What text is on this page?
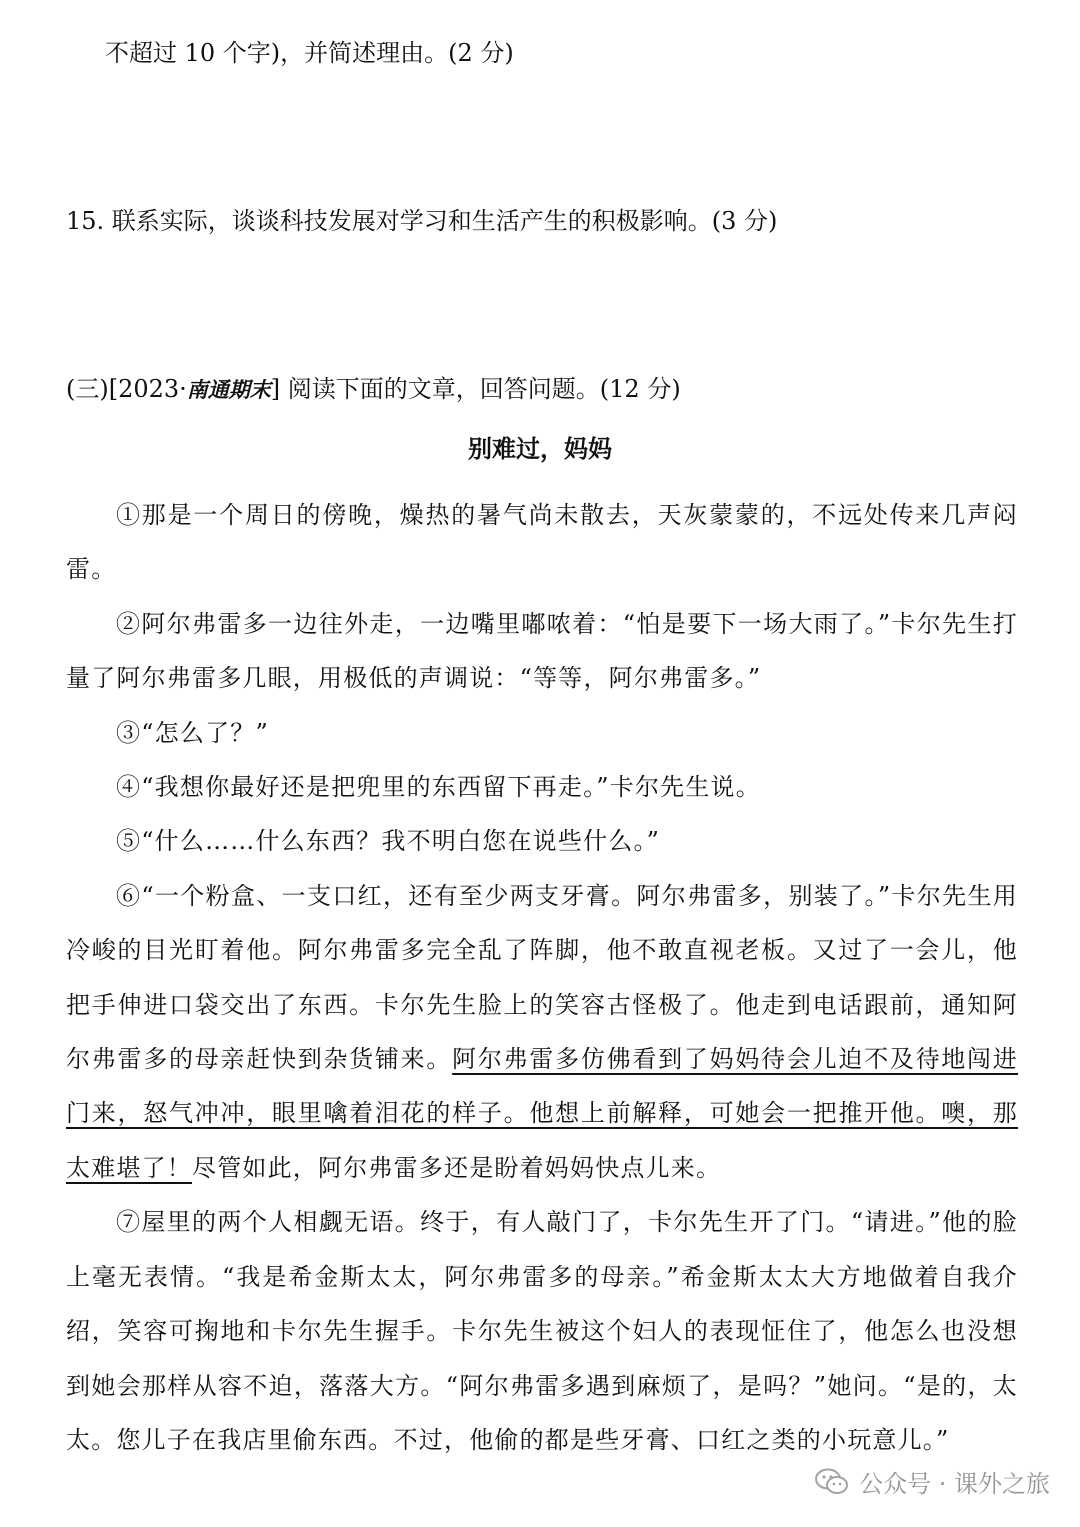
不超过 10 个字)，并简述理由。(2 分)
15. 联系实际，谈谈科技发展对学习和生活产生的积极影响。(3 分)
(三)[2023·南通期末] 阅读下面的文章，回答问题。(12 分)
别难过，妈妈

①那是一个周日的傍晚，燥热的暑气尚未散去，天灰蒙蒙的，不远处传来几声闷雷。

②阿尔弗雷多一边往外走，一边嘴里嘟哝着：“怕是要下一场大雨了。”卡尔先生打量了阿尔弗雷多几眼，用极低的声调说：“等等，阿尔弗雷多。”

③“怎么了？”

④“我想你最好还是把兜里的东西留下再走。”卡尔先生说。

⑤“什么……什么东西？我不明白您在说些什么。”

⑥“一个粉盒、一支口红，还有至少两支牙膏。阿尔弗雷多，别装了。”卡尔先生用冷峻的目光盯着他。阿尔弗雷多完全乱了阵脚，他不敢直视老板。又过了一会儿，他把手伸进口袋交出了东西。卡尔先生脸上的笑容古怪极了。他走到电话跟前，通知阿尔弗雷多的母亲赶快到杂货铺来。阿尔弗雷多仿佛看到了妈妈待会儿迫不及待地闯进门来，怒气冲冲，眼里噙着泪花的样子。他想上前解释，可她会一把推开他。噢，那太难堪了！尽管如此，阿尔弗雷多还是盼着妈妈快点儿来。

⑦屋里的两个人相觑无语。终于，有人敲门了，卡尔先生开了门。“请进。”他的脸上毫无表情。“我是希金斯太太，阿尔弗雷多的母亲。”希金斯太太大方地做着自我介绍，笑容可掬地和卡尔先生握手。卡尔先生被这个妇人的表现怔住了，他怎么也没想到她会那样从容不迫，落落大方。“阿尔弗雷多遇到麻烦了，是吗？”她问。“是的，太太。您儿子在我店里偷东西。不过，他偷的都是些牙膏、口红之类的小玩意儿。”

公众号 · 课外之旅
